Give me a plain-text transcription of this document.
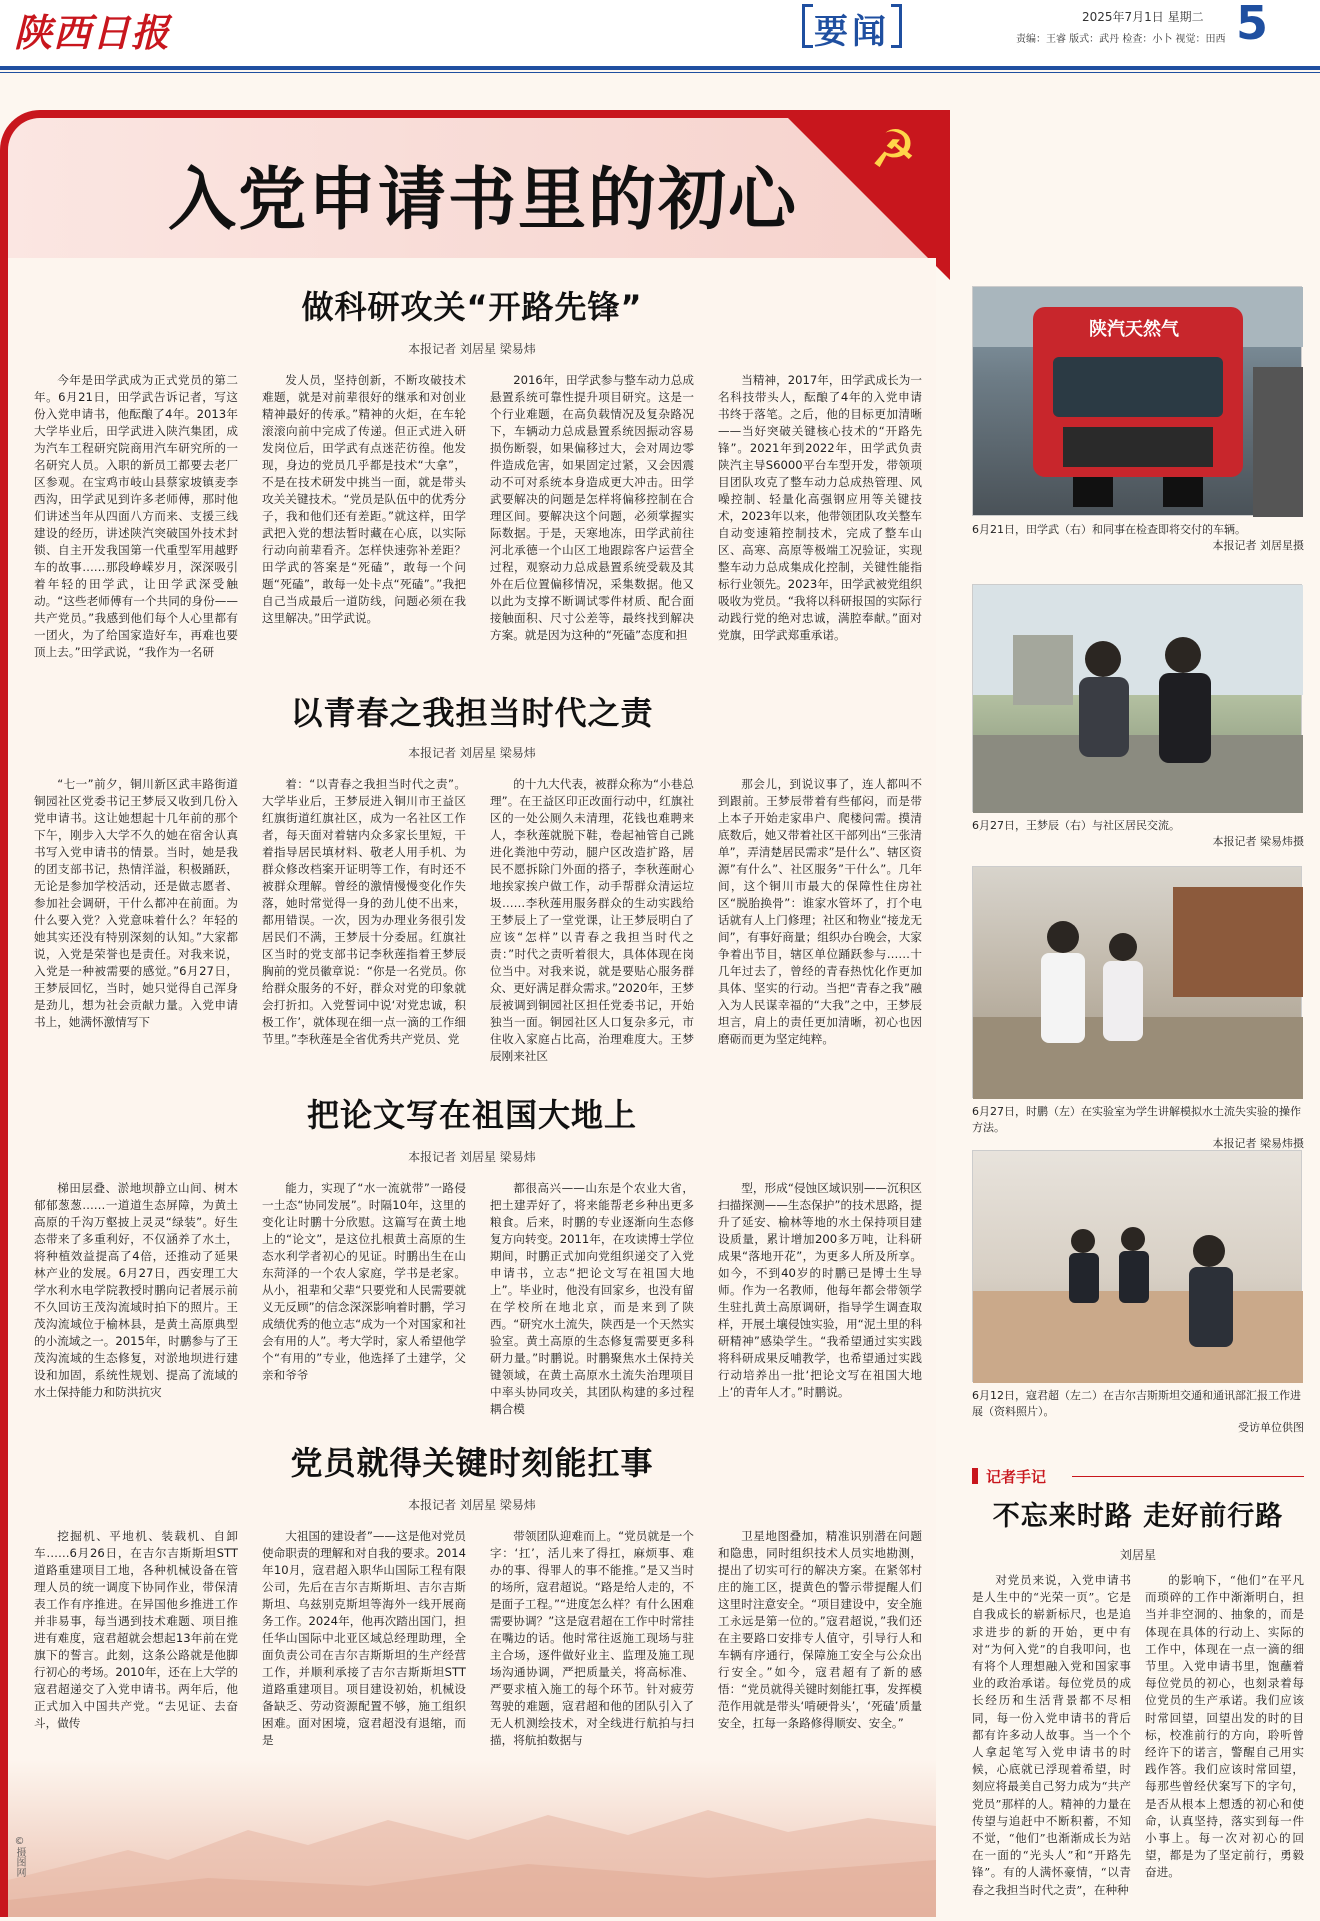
陕西日报	要闻	2025年7月1日 星期二
责编：王睿 版式：武丹 检查：小卜 视觉：田西 5
☭
入党申请书里的初心
做科研攻关“开路先锋”
本报记者 刘居星 梁易炜
今年是田学武成为正式党员的第二年。6月21日，田学武告诉记者，写这份入党申请书，他酝酿了4年。2013年大学毕业后，田学武进入陕汽集团，成为汽车工程研究院商用汽车研究所的一名研究人员。入职的新员工都要去老厂区参观。在宝鸡市岐山县蔡家坡镇麦李西沟，田学武见到许多老师傅，那时他们讲述当年从四面八方而来、支援三线建设的经历，讲述陕汽突破国外技术封锁、自主开发我国第一代重型军用越野车的故事……那段峥嵘岁月，深深吸引着年轻的田学武，让田学武深受触动。“这些老师傅有一个共同的身份——共产党员。”我感到他们每个人心里都有一团火，为了给国家造好车，再难也要顶上去。”田学武说，“我作为一名研
发人员，坚持创新，不断攻破技术难题，就是对前辈很好的继承和对创业精神最好的传承。”精神的火炬，在车轮滚滚向前中完成了传递。但正式进入研发岗位后，田学武有点迷茫彷徨。他发现，身边的党员几乎都是技术“大拿”，不是在技术研发中挑当一面，就是带头攻关关键技术。“党员是队伍中的优秀分子，我和他们还有差距。”就这样，田学武把入党的想法暂时藏在心底，以实际行动向前辈看齐。怎样快速弥补差距？田学武的答案是“死磕”，敢每一个问题“死磕”，敢每一处卡点“死磕”。”我把自己当成最后一道防线，问题必须在我这里解决。”田学武说。
2016年，田学武参与整车动力总成悬置系统可靠性提升项目研究。这是一个行业难题，在高负载情况及复杂路况下，车辆动力总成悬置系统因振动容易损伤断裂，如果偏移过大，会对周边零件造成危害，如果固定过紧，又会因震动不可对系统本身造成更大冲击。田学武要解决的问题是怎样将偏移控制在合理区间。要解决这个问题，必须掌握实际数据。于是，天寒地冻，田学武前往河北承德一个山区工地跟踪客户运营全过程，观察动力总成悬置系统受载及其外在后位置偏移情况，采集数据。他又以此为支撑不断调试零件材质、配合面接触面积、尺寸公差等，最终找到解决方案。就是因为这种的“死磕”态度和担
当精神，2017年，田学武成长为一名科技带头人，酝酿了4年的入党申请书终于落笔。之后，他的目标更加清晰——当好突破关键核心技术的“开路先锋”。2021年到2022年，田学武负责陕汽主导S6000平台车型开发，带领项目团队攻克了整车动力总成热管理、风噪控制、轻量化高强钢应用等关键技术，2023年以来，他带领团队攻关整车自动变速箱控制技术，完成了整车山区、高寒、高原等极端工况验证，实现整车动力总成集成化控制，关键性能指标行业领先。2023年，田学武被党组织吸收为党员。“我将以科研报国的实际行动践行党的绝对忠诚，满腔奉献。”面对党旗，田学武郑重承诺。
以青春之我担当时代之责
本报记者 刘居星 梁易炜
“七一”前夕，铜川新区武丰路街道铜园社区党委书记王梦辰又收到几份入党申请书。这让她想起十几年前的那个下午，刚步入大学不久的她在宿舍认真书写入党申请书的情景。当时，她是我的团支部书记，热情洋溢，积极踊跃，无论是参加学校活动，还是做志愿者、参加社会调研，干什么都冲在前面。为什么要入党？入党意味着什么？年轻的她其实还没有特别深刻的认知。”大家都说，入党是荣誉也是责任。对我来说，入党是一种被需要的感觉。”6月27日，王梦辰回忆，当时，她只觉得自己浑身是劲儿，想为社会贡献力量。入党申请书上，她满怀激情写下
着：“以青春之我担当时代之责”。大学毕业后，王梦辰进入铜川市王益区红旗街道红旗社区，成为一名社区工作者，每天面对着辖内众多家长里短，干着指导居民填材料、敬老人用手机、为群众修改档案开证明等工作，有时还不被群众理解。曾经的激情慢慢变化作失落，她时常觉得一身的劲儿使不出来，都用错误。一次，因为办理业务很引发居民们不满，王梦辰十分委屈。红旗社区当时的党支部书记李秋莲指着王梦辰胸前的党员徽章说：“你是一名党员。你给群众服务的不好，群众对党的印象就会打折扣。入党誓词中说‘对党忠诚，积极工作’，就体现在细一点一滴的工作细节里。”李秋莲是全省优秀共产党员、党
的十九大代表，被群众称为“小巷总理”。在王益区印正改面行动中，红旗社区的一处公厕久未清理，花钱也难聘来人，李秋莲就脱下鞋，卷起袖管自己跳进化粪池中劳动，腿户区改造扩路，居民不愿拆除门外面的搭子，李秋莲耐心地挨家挨户做工作，动手帮群众清运垃圾……李秋莲用服务群众的生动实践给王梦辰上了一堂党课，让王梦辰明白了应该“怎样”以青春之我担当时代之责：”时代之责听着很大，具体体现在岗位当中。对我来说，就是要贴心服务群众、更好满足群众需求。”2020年，王梦辰被调到铜园社区担任党委书记，开始独当一面。铜园社区人口复杂多元，市住收入家庭占比高，治理难度大。王梦辰刚来社区
那会儿，到说议事了，连人都叫不到跟前。王梦辰带着有些郁闷，而是带上本子开始走家串户、爬楼问需。摸清底数后，她又带着社区干部列出“三张清单”，弄清楚居民需求”是什么”、辖区资源”有什么”、社区服务”干什么”。几年间，这个铜川市最大的保障性住房社区“脱胎换骨”：谁家水管坏了，打个电话就有人上门修理；社区和物业“接龙无间”，有事好商量；组织办台晚会，大家争着出节目，辖区单位踊跃参与……十几年过去了，曾经的青春热忱化作更加具体、坚实的行动。当把“青春之我”融入为人民谋幸福的“大我”之中，王梦辰坦言，肩上的责任更加清晰，初心也因磨砺而更为坚定纯粹。
把论文写在祖国大地上
本报记者 刘居星 梁易炜
梯田层叠、淤地坝静立山间、树木郁郁葱葱……一道道生态屏障，为黄土高原的千沟万壑披上灵灵“绿装”。好生态带来了多重利好，不仅涵养了水土，将种植效益提高了4倍，还推动了延果林产业的发展。6月27日，西安理工大学水利水电学院教授时鹏向记者展示前不久回访王茂沟流域时拍下的照片。王茂沟流域位于榆林县，是黄土高原典型的小流域之一。2015年，时鹏参与了王茂沟流域的生态修复，对淤地坝进行建设和加固，系统性规划、提高了流域的水土保持能力和防洪抗灾
能力，实现了“水一流就带”一路侵一土态“协同发展”。时隔10年，这里的变化让时鹏十分欣慰。这篇写在黄土地上的“论文”，是这位扎根黄土高原的生态水利学者初心的见证。时鹏出生在山东菏泽的一个农人家庭，学书是老家。从小，祖辈和父辈“只要党和人民需要就义无反顾”的信念深深影响着时鹏，学习成绩优秀的他立志“成为一个对国家和社会有用的人”。考大学时，家人希望他学个“有用的”专业，他选择了土建学，父亲和爷爷
都很高兴——山东是个农业大省，把土建弄好了，将来能帮老乡种出更多粮食。后来，时鹏的专业逐渐向生态修复方向转变。2011年，在攻读博士学位期间，时鹏正式加向党组织递交了入党申请书，立志“把论文写在祖国大地上”。毕业时，他没有回家乡，也没有留在学校所在地北京，而是来到了陕西。“研究水土流失，陕西是一个天然实验室。黄土高原的生态修复需要更多科研力量。”时鹏说。时鹏聚焦水土保持关键领域，在黄土高原水土流失治理项目中率头协同攻关，其团队构建的多过程耦合模
型，形成“侵蚀区域识别——沉积区扫描探测——生态保护”的技术思路，提升了延安、榆林等地的水土保持项目建设质量，累计增加200多万吨，让科研成果“落地开花”，为更多人所及所享。如今，不到40岁的时鹏已是博士生导师。作为一名教师，他每年都会带领学生驻扎黄土高原调研，指导学生调查取样，开展土壤侵蚀实验，用“泥土里的科研精神”感染学生。“我希望通过实实践将科研成果反哺教学，也希望通过实践行动培养出一批‘把论文写在祖国大地上’的青年人才。”时鹏说。
党员就得关键时刻能扛事
本报记者 刘居星 梁易炜
挖掘机、平地机、装载机、自卸车……6月26日，在吉尔吉斯斯坦STT道路重建项目工地，各种机械设备在管理人员的统一调度下协同作业，带保清表工作有序推进。在异国他乡推进工作并非易事，每当遇到技术难题、项目推进有难度，寇君超就会想起13年前在党旗下的誓言。此刻，这条公路就是他脚行初心的考场。2010年，还在上大学的寇君超递交了入党申请书。两年后，他正式加入中国共产党。“去见证、去奋斗，做传
大祖国的建设者”——这是他对党员使命职责的理解和对自我的要求。2014年10月，寇君超入职华山国际工程有限公司，先后在吉尔吉斯斯坦、吉尔吉斯斯坦、乌兹别克斯坦等海外一线开展商务工作。2024年，他再次踏出国门，担任华山国际中北亚区域总经理助理，全面负责公司在吉尔吉斯斯坦的生产经营工作，并顺利承接了吉尔吉斯斯坦STT道路重建项目。项目建设初始，机械设备缺乏、劳动资源配置不够，施工组织困难。面对困境，寇君超没有退缩，而是
带领团队迎难而上。“党员就是一个字：‘扛’，活儿来了得扛，麻烦事、难办的事、得罪人的事不能推。”是又当时的场所，寇君超说。“路是给人走的，不是面子工程。”“进度怎么样？有什么困难需要协调？”这是寇君超在工作中时常挂在嘴边的话。他时常往返施工现场与驻主合场，逐件做好业主、监理及施工现场沟通协调，严把质量关，将高标准、严要求植入施工的每个环节。针对疲劳驾驶的难题，寇君超和他的团队引入了无人机测绘技术，对全线进行航拍与扫描，将航拍数据与
卫星地图叠加，精准识别潜在问题和隐患，同时组织技术人员实地勘测，提出了切实可行的解决方案。在紧邻村庄的施工区，提黄色的警示带提醒人们这里时注意安全。“项目建设中，安全施工永远是第一位的。”寇君超说，”我们还在主要路口安排专人值守，引导行人和车辆有序通行，保障施工安全与公众出行安全。”如今，寇君超有了新的感悟：“党员就得关键时刻能扛事，发挥模范作用就是带头‘啃硬骨头’，‘死磕’质量安全，扛每一条路修得顺安、安全。”
©摄图网
陕汽天然气
6月21日，田学武（右）和同事在检查即将交付的车辆。
本报记者 刘居星摄
6月27日，王梦辰（右）与社区居民交流。
本报记者 梁易炜摄
6月27日，时鹏（左）在实验室为学生讲解模拟水土流失实验的操作方法。
本报记者 梁易炜摄
6月12日，寇君超（左二）在吉尔吉斯斯坦交通和通讯部汇报工作进展（资料照片）。
受访单位供图
记者手记
不忘来时路 走好前行路
刘居星
对党员来说，入党申请书是人生中的“光荣一页”。它是自我成长的崭新标尺，也是追求进步的新的开始，更中有对“为何入党”的自我叩问，也有将个人理想融入党和国家事业的政治承诺。每位党员的成长经历和生活背景都不尽相同，每一份入党申请书的背后都有许多动人故事。当一个个人拿起笔写入党申请书的时候，心底就已浮现着希望，时刻应将最美自己努力成为“共产党员”那样的人。精神的力量在传望与追赶中不断积蓄，不知不觉，“他们”也渐渐成长为站在一面的“光头人”和“开路先锋”。有的人满怀豪情，“以青春之我担当时代之责”，在种种
的影响下，“他们”在平凡而琐碎的工作中渐渐明白，担当并非空洞的、抽象的，而是体现在具体的行动上、实际的工作中，体现在一点一滴的细节里。入党申请书里，饱蘸着每位党员的初心，也刻录着每位党员的生产承诺。我们应该时常回望，回望出发的时的目标，校准前行的方向，聆听曾经许下的诺言，警醒自己用实践作答。我们应该时常回望，每那些曾经伏案写下的字句，是否从根本上想透的初心和使命，认真坚持，落实到每一件小事上。每一次对初心的回望，都是为了坚定前行，勇毅奋进。
